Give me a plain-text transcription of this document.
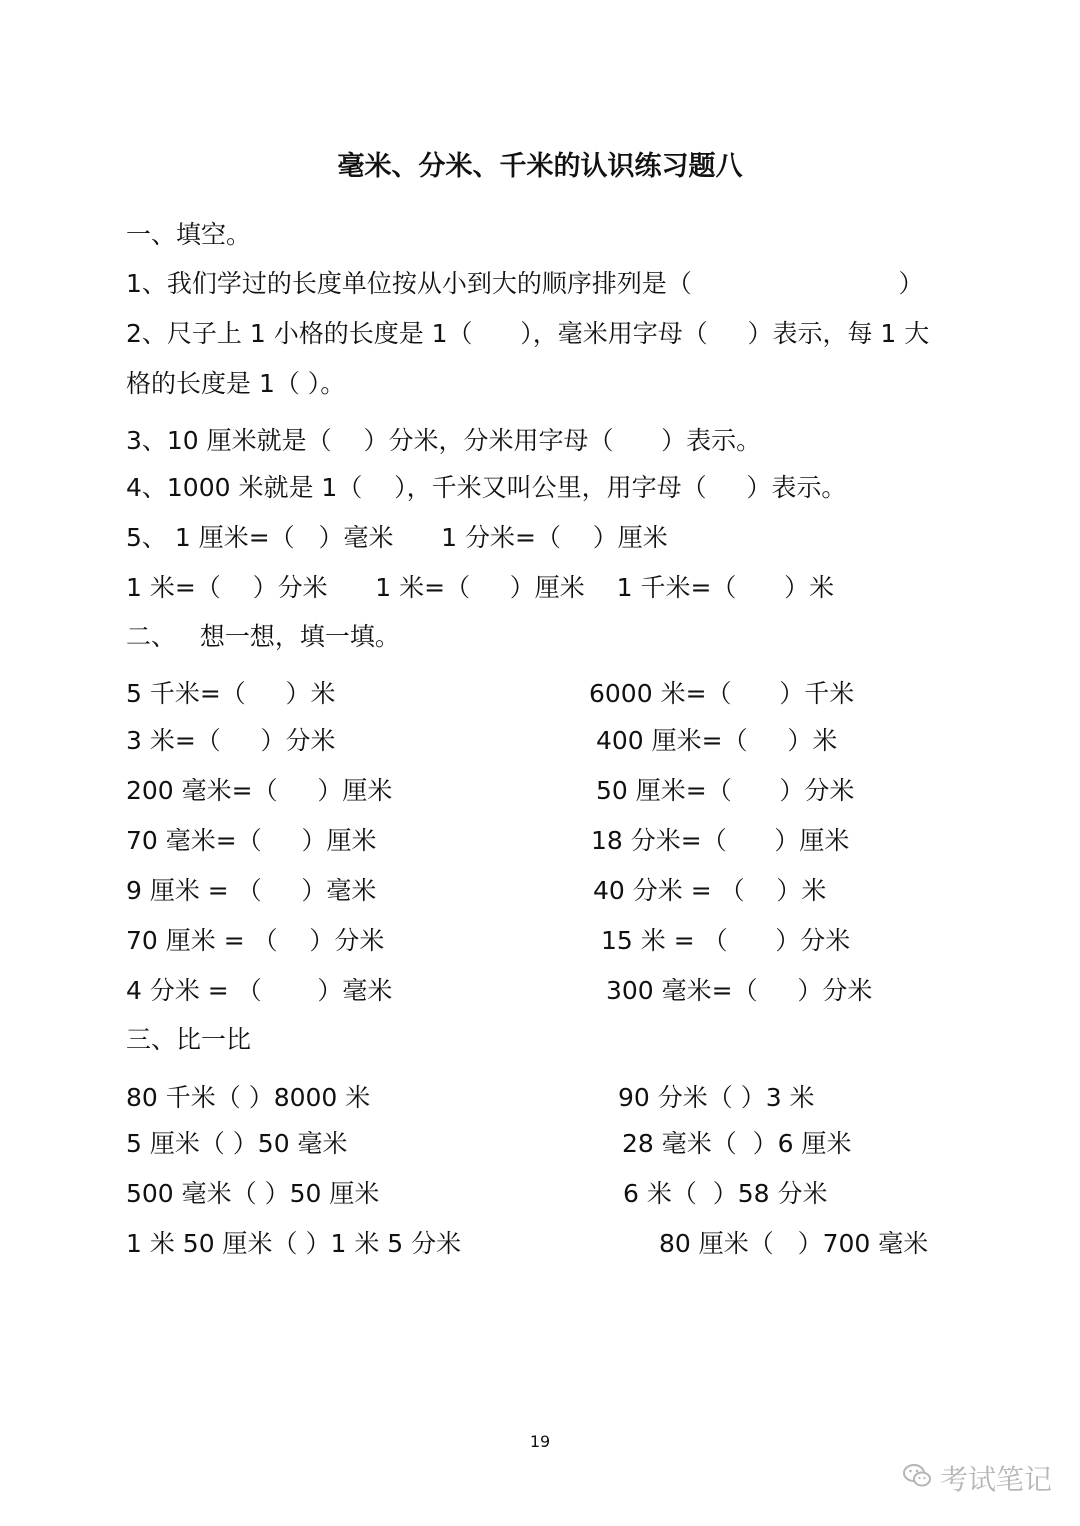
毫米、分米、千米的认识练习题八
一、填空。
1、我们学过的长度单位按从小到大的顺序排列是（                          ）
2、尺子上 1 小格的长度是 1（      ），毫米用字母（     ）表示，每 1 大
格的长度是 1（ ）。
3、10 厘米就是（    ）分米，分米用字母（      ）表示。
4、1000 米就是 1（    ），千米又叫公里，用字母（     ）表示。
5、 1 厘米=（   ）毫米      1 分米=（    ）厘米
1 米=（    ）分米      1 米=（     ）厘米    1 千米=（      ）米
二、   想一想，填一填。
5 千米=（     ）米	6000 米=（      ）千米
3 米=（     ）分米	400 厘米=（     ）米
200 毫米=（     ）厘米	50 厘米=（      ）分米
70 毫米=（     ）厘米	18 分米=（      ）厘米
9 厘米 = （     ）毫米	40 分米 = （    ）米
70 厘米 = （    ）分米	15 米 = （      ）分米
4 分米 = （       ）毫米	300 毫米=（     ）分米
三、比一比
80 千米（ ）8000 米	90 分米（ ）3 米
5 厘米（ ）50 毫米	28 毫米（  ）6 厘米
500 毫米（ ）50 厘米	6 米（  ）58 分米
1 米 50 厘米（ ）1 米 5 分米	80 厘米（   ）700 毫米
19
考试笔记
